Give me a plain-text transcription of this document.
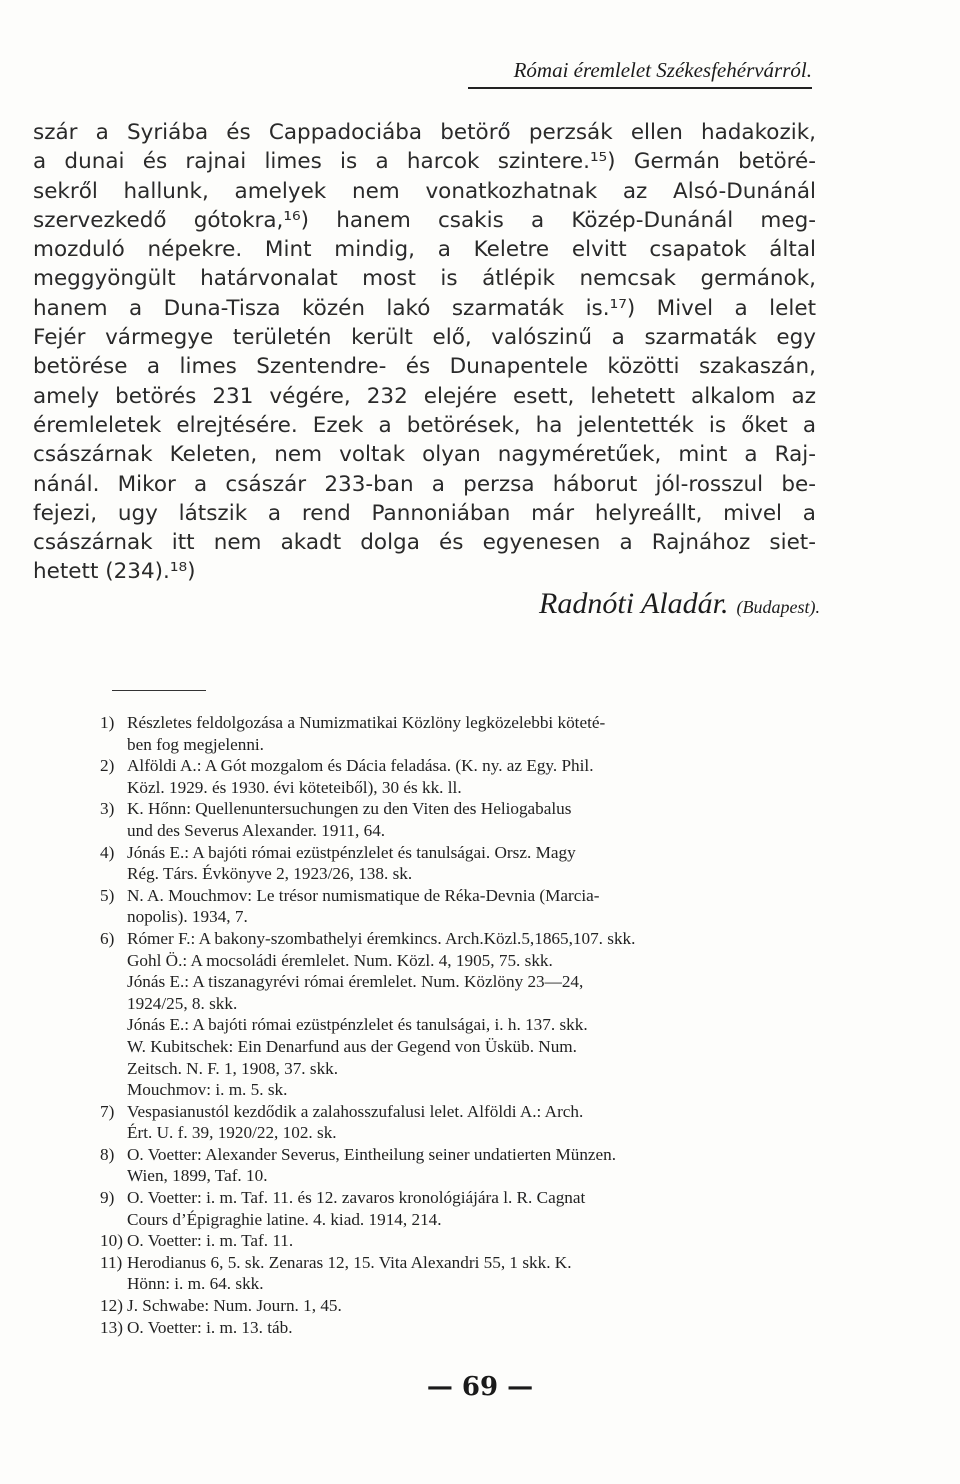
Római éremlelet Székesfehérvárról.
szár a Syriába és Cappadociába betörő perzsák ellen hadakozik,
a dunai és rajnai limes is a harcok szintere.¹⁵) Germán betöré-
sekről hallunk, amelyek nem vonatkozhatnak az Alsó-Dunánál
szervezkedő gótokra,¹⁶) hanem csakis a Közép-Dunánál meg-
mozduló népekre. Mint mindig, a Keletre elvitt csapatok által
meggyöngült határvonalat most is átlépik nemcsak germánok,
hanem a Duna-Tisza közén lakó szarmaták is.¹⁷) Mivel a lelet
Fejér vármegye területén került elő, valószinű a szarmaták egy
betörése a limes Szentendre- és Dunapentele közötti szakaszán,
amely betörés 231 végére, 232 elejére esett, lehetett alkalom az
éremleletek elrejtésére. Ezek a betörések, ha jelentették is őket a
császárnak Keleten, nem voltak olyan nagyméretűek, mint a Raj-
nánál. Mikor a császár 233-ban a perzsa háborut jól-rosszul be-
fejezi, ugy látszik a rend Pannoniában már helyreállt, mivel a
császárnak itt nem akadt dolga és egyenesen a Rajnához siet-
hetett (234).¹⁸)
Radnóti Aladár. (Budapest).
1) Részletes feldolgozása a Numizmatikai Közlöny legközelebbi köteté-
ben fog megjelenni.
2) Alföldi A.: A Gót mozgalom és Dácia feladása. (K. ny. az Egy. Phil.
Közl. 1929. és 1930. évi köteteiből), 30 és kk. ll.
3) K. Hőnn: Quellenuntersuchungen zu den Viten des Heliogabalus
und des Severus Alexander. 1911, 64.
4) Jónás E.: A bajóti római ezüstpénzlelet és tanulságai. Orsz. Magy
Rég. Társ. Évkönyve 2, 1923/26, 138. sk.
5) N. A. Mouchmov: Le trésor numismatique de Réka-Devnia (Marcia-
nopolis). 1934, 7.
6) Rómer F.: A bakony-szombathelyi éremkincs. Arch.Közl.5,1865,107. skk.
Gohl Ö.: A mocsoládi éremlelet. Num. Közl. 4, 1905, 75. skk.
Jónás E.: A tiszanagyrévi római éremlelet. Num. Közlöny 23—24,
1924/25, 8. skk.
Jónás E.: A bajóti római ezüstpénzlelet és tanulságai, i. h. 137. skk.
W. Kubitschek: Ein Denarfund aus der Gegend von Üsküb. Num.
Zeitsch. N. F. 1, 1908, 37. skk.
Mouchmov: i. m. 5. sk.
7) Vespasianustól kezdődik a zalahosszufalusi lelet. Alföldi A.: Arch.
Ért. U. f. 39, 1920/22, 102. sk.
8) O. Voetter: Alexander Severus, Eintheilung seiner undatierten Münzen.
Wien, 1899, Taf. 10.
9) O. Voetter: i. m. Taf. 11. és 12. zavaros kronológiájára l. R. Cagnat
Cours d’Épigraghie latine. 4. kiad. 1914, 214.
10) O. Voetter: i. m. Taf. 11.
11) Herodianus 6, 5. sk. Zenaras 12, 15. Vita Alexandri 55, 1 skk. K.
Hönn: i. m. 64. skk.
12) J. Schwabe: Num. Journ. 1, 45.
13) O. Voetter: i. m. 13. táb.
— 69 —
